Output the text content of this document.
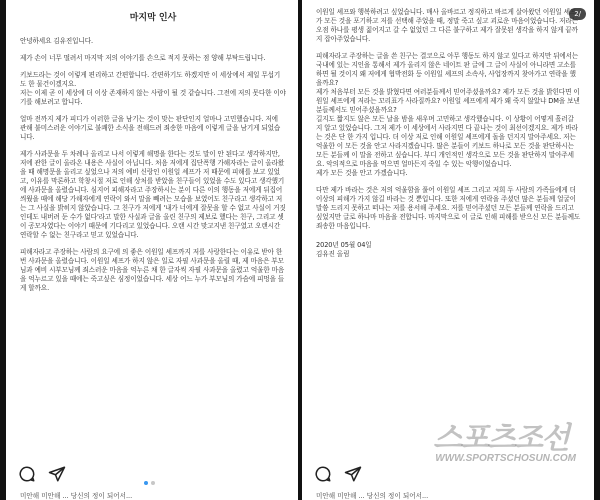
마지막 인사

안녕하세요 김유진입니다.

제가 손이 너무 떨려서 마지막 저의 이야기를 손으로 적지 못하는 점 양해 부탁드립니다.

키보드라는 것이 이렇게 편리하고 간편합니다. 간편하기도 하겠지만 이 세상에서 제일 무섭기도 한 물건이겠지요.
저는 이제 곧 이 세상에 더 이상 존재하지 않는 사람이 될 것 같습니다. 그전에 저의 못다한 이야기를 해보려고 합니다.

얼마 전까지 제가 피디가 이러한 글을 남기는 것이 맞는 판단인지 얼마나 고민했습니다. 저에 관해 불미스러운 이야기로 불쾌한 소식을 전해드려 죄송한 마음에 이렇게 글을 남기게 되었습니다.

제가 사과문을 두 차례나 올리고 나서 이렇게 해명을 한다는 것도 말이 안 된다고 생각하지만, 저에 관한 글이 올라온 내용은 사실이 아닙니다. 처음 저에게 집단폭행 가해자라는 글이 올라왔을 때 해명문을 올리고 싶었으나 저의 예비 신랑인 이원일 셰프가 저 때문에 피해를 보고 있었고, 이유를 막론하고 학창시절 저로 인해 상처를 받았을 친구들이 있었을 수도 있다고 생각했기에 사과문을 올렸습니다. 심지어 피해자라고 주장하시는 분이 다른 이의 행동을 저에게 뒤집어 씌웠을 때에 해당 가해자에게 연락이 와서 말을 빼려는 모습을 보였어도 친구라고 생각하고 저는 그 사실을 밝히지 않았습니다. 그 친구가 저에게 '내가 너에게 잘못을 할 수 없고 사실이 거짓인데도 내버려 둔 수가 없다'라고 말한 사실과 글을 올린 친구의 제보로 했다는 친구, 그리고 셋이 공모자였다는 이야기 때문에 기다리고 있었습니다. 오랜 시간 맞고지낸 친구였고 오랜시간 연락할 수 없는 친구라고 믿고 있었습니다.

피해자라고 주장하는 사람의 요구에 의 좋은 이원일 셰프까지 저를 사랑한다는 이유로 받아 한 번 사과문을 올렸습니다. 이원일 셰프가 하지 않은 일로 자필 사과문을 올릴 때, 제 마음은 부모님과 예비 시부모님께 죄스러운 마음을 억누른 채 한 글자씩 자필 사과문을 올렸고 억울한 마음을 억누르고 있을 때에는 죽고싶은 심정이었습니다. 세상 어느 누가 부모님의 가슴에 피멍을 들게 할까요.

미안해 미안해 ... 당신의 정이 되어서...
2/

이원일 셰프와 행복하려고 싶었습니다. 매사 올바르고 정직하고 바르게 살아왔던 이원일 셰프가 모든 것을 포기하고 저를 선택해 주었을 때, 정말 죽고 싶고 괴로운 마음이었습니다. 저라는 오점 하나를 평생 짊어지고 갈 수 없었던 그 다른 불구하고 제가 잘못된 생각을 하지 않게 끝까지 잡아주었습니다.

피해자라고 주장하는 글을 쓴 친구는 결코으로 아무 행동도 하지 않고 있다고 하지만 뒤에서는 국내에 있는 지인을 통해서 제가 올리지 않은 네이트 판 글에 그 글이 사실이 아니라면 고소를 하면 될 것이지 왜 저에게 협박전화 등 이원일 셰프의 소속사, 사업장까지 찾아가고 연락을 했을까요?
제가 처음부터 모든 것을 밝혔다면 여러분들께서 믿어주셨을까요? 제가 모든 것을 밝힌다면 이원일 셰프에게 저라는 꼬리표가 사라질까요? 이원일 셰프에게 제가 왜 죽지 않았냐 DM을 보낸 분들께서도 믿어주셨을까요?
길지도 짧지도 않은 모든 날을 밤을 새우며 고민하고 생각했습니다. 이 상황이 어떻게 흘러갈 지 알고 있었습니다. 그저 제가 이 세상에서 사라지면 다 끝나는 것이 최선이겠지요. 제가 바라는 것은 단 한 가지 입니다. 더 이상 저로 인해 이원일 셰프에게 돌을 던지지 말아주세요. 저는 억울한 이 모든 것을 안고 사라지겠습니다. 많은 분들이 키보드 하나로 모든 것을 판단하시는 모든 분들께 이 말을 전하고 싶습니다. 부디 개인적인 생각으로 모든 것을 판단하지 말아주세요. 악의적으로 마음을 먹으면 얼마든지 죽일 수 있는 악행이었습니다.
제가 모든 것을 안고 가겠습니다.

다만 제가 바라는 것은 저의 억울함을 풀어 이원일 셰프 그리고 저희 두 사람의 가족들에게 더 이상의 피해가 가지 않길 바라는 것 뿐입니다. 또한 저에게 연락을 주셨던 많은 분들께 얼굴이 말씀 드리지 못하고 떠나는 저를 용서해 주세요. 저를 믿어주셨던 모든 분들께 연락을 드리고 싶었지만 글로 하나마 마음을 전합니다. 마지막으로 이 글로 인해 피해를 받으신 모든 분들께도 죄송한 마음입니다.

2020년 05월 04일
김유진 올림

미안해 미안해 ... 당신의 정이 되어서...
스포츠조선
WWW.SPORTSCHOSUN.COM
